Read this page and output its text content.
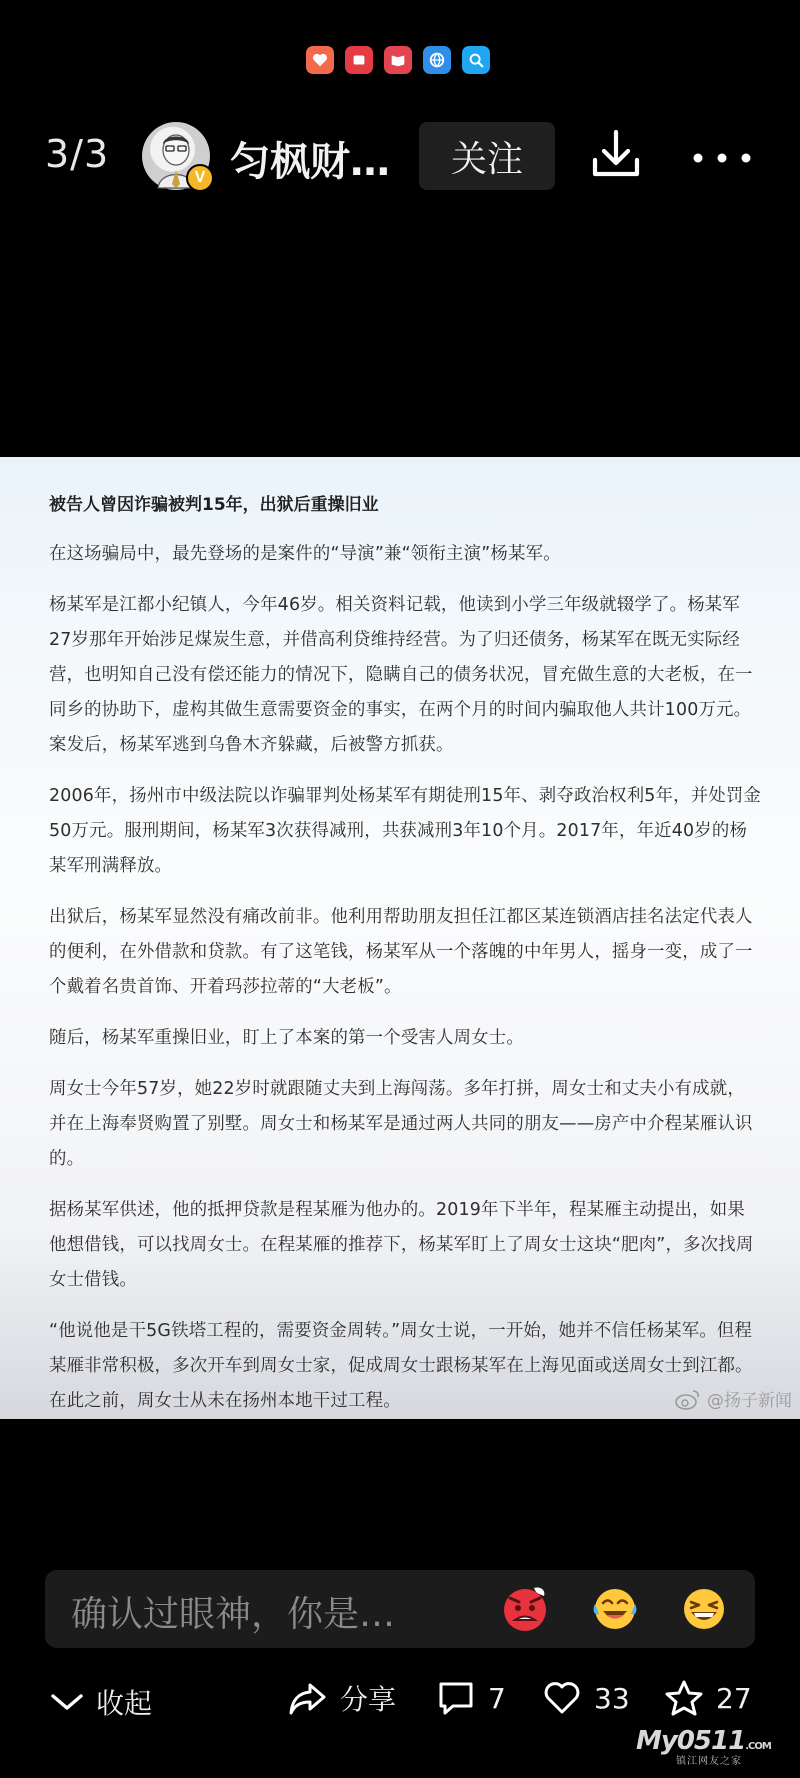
3/3
V 匀枫财…	关注
被告人曾因诈骗被判15年，出狱后重操旧业

在这场骗局中，最先登场的是案件的“导演”兼“领衔主演”杨某军。

杨某军是江都小纪镇人，今年46岁。相关资料记载，他读到小学三年级就辍学了。杨某军27岁那年开始涉足煤炭生意，并借高利贷维持经营。为了归还债务，杨某军在既无实际经营，也明知自己没有偿还能力的情况下，隐瞒自己的债务状况，冒充做生意的大老板，在一同乡的协助下，虚构其做生意需要资金的事实，在两个月的时间内骗取他人共计100万元。案发后，杨某军逃到乌鲁木齐躲藏，后被警方抓获。

2006年，扬州市中级法院以诈骗罪判处杨某军有期徒刑15年、剥夺政治权利5年，并处罚金50万元。服刑期间，杨某军3次获得减刑，共获减刑3年10个月。2017年，年近40岁的杨某军刑满释放。

出狱后，杨某军显然没有痛改前非。他利用帮助朋友担任江都区某连锁酒店挂名法定代表人的便利，在外借款和贷款。有了这笔钱，杨某军从一个落魄的中年男人，摇身一变，成了一个戴着名贵首饰、开着玛莎拉蒂的“大老板”。

随后，杨某军重操旧业，盯上了本案的第一个受害人周女士。

周女士今年57岁，她22岁时就跟随丈夫到上海闯荡。多年打拼，周女士和丈夫小有成就，并在上海奉贤购置了别墅。周女士和杨某军是通过两人共同的朋友——房产中介程某雁认识的。

据杨某军供述，他的抵押贷款是程某雁为他办的。2019年下半年，程某雁主动提出，如果他想借钱，可以找周女士。在程某雁的推荐下，杨某军盯上了周女士这块“肥肉”，多次找周女士借钱。

“他说他是干5G铁塔工程的，需要资金周转。”周女士说，一开始，她并不信任杨某军。但程某雁非常积极，多次开车到周女士家，促成周女士跟杨某军在上海见面或送周女士到江都。在此之前，周女士从未在扬州本地干过工程。	@扬子新闻
确认过眼神，你是…
收起	分享	7	33	27
My0511.COM
镇江网友之家
